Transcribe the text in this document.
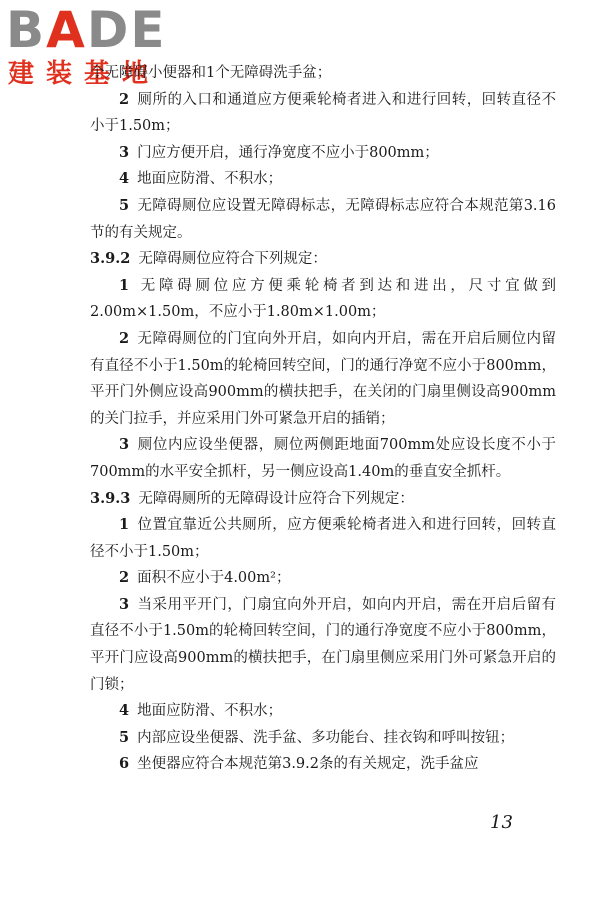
BADE
建装基地

个无障碍小便器和1个无障碍洗手盆；

2 厕所的入口和通道应方便乘轮椅者进入和进行回转，回转直径不小于1.50m；

3 门应方便开启，通行净宽度不应小于800mm；

4 地面应防滑、不积水；

5 无障碍厕位应设置无障碍标志，无障碍标志应符合本规范第3.16节的有关规定。

3.9.2 无障碍厕位应符合下列规定：

1 无障碍厕位应方便乘轮椅者到达和进出，尺寸宜做到2.00m×1.50m，不应小于1.80m×1.00m；

2 无障碍厕位的门宜向外开启，如向内开启，需在开启后厕位内留有直径不小于1.50m的轮椅回转空间，门的通行净宽不应小于800mm，平开门外侧应设高900mm的横扶把手，在关闭的门扇里侧设高900mm的关门拉手，并应采用门外可紧急开启的插销；

3 厕位内应设坐便器，厕位两侧距地面700mm处应设长度不小于700mm的水平安全抓杆，另一侧应设高1.40m的垂直安全抓杆。

3.9.3 无障碍厕所的无障碍设计应符合下列规定：

1 位置宜靠近公共厕所，应方便乘轮椅者进入和进行回转，回转直径不小于1.50m；

2 面积不应小于4.00m²；

3 当采用平开门，门扇宜向外开启，如向内开启，需在开启后留有直径不小于1.50m的轮椅回转空间，门的通行净宽度不应小于800mm，平开门应设高900mm的横扶把手，在门扇里侧应采用门外可紧急开启的门锁；

4 地面应防滑、不积水；

5 内部应设坐便器、洗手盆、多功能台、挂衣钩和呼叫按钮；

6 坐便器应符合本规范第3.9.2条的有关规定，洗手盆应

13
